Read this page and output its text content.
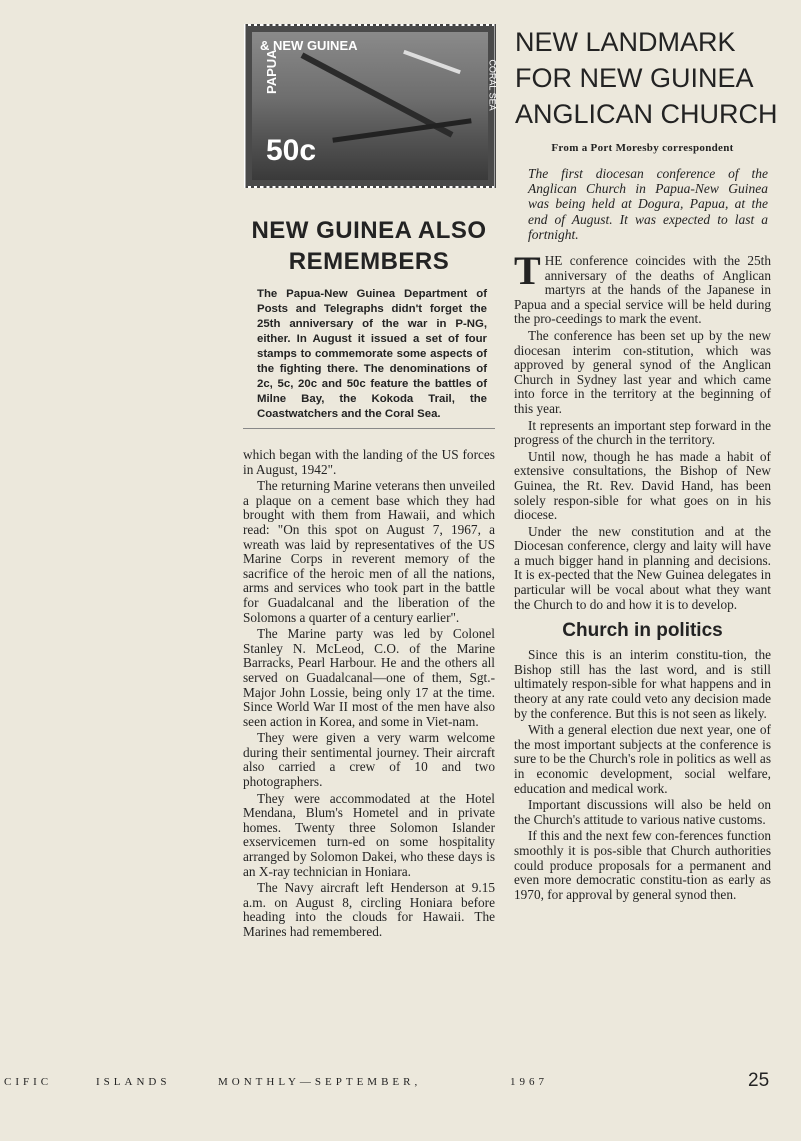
& NEW GUINEA
PAPUA	CORAL SEA
50c
NEW GUINEA ALSO
REMEMBERS
The Papua-New Guinea Department of Posts and Telegraphs didn't forget the 25th anniversary of the war in P-NG, either. In August it issued a set of four stamps to commemorate some aspects of the fighting there. The denominations of 2c, 5c, 20c and 50c feature the battles of Milne Bay, the Kokoda Trail, the Coastwatchers and the Coral Sea.

which began with the landing of the US forces in August, 1942".

The returning Marine veterans then unveiled a plaque on a cement base which they had brought with them from Hawaii, and which read: "On this spot on August 7, 1967, a wreath was laid by representatives of the US Marine Corps in reverent memory of the sacrifice of the heroic men of all the nations, arms and services who took part in the battle for Guadalcanal and the liberation of the Solomons a quarter of a century earlier".

The Marine party was led by Colonel Stanley N. McLeod, C.O. of the Marine Barracks, Pearl Harbour. He and the others all served on Guadalcanal—one of them, Sgt.-Major John Lossie, being only 17 at the time. Since World War II most of the men have also seen action in Korea, and some in Viet-nam.

They were given a very warm welcome during their sentimental journey. Their aircraft also carried a crew of 10 and two photographers.

They were accommodated at the Hotel Mendana, Blum's Hometel and in private homes. Twenty three Solomon Islander exservicemen turn-ed on some hospitality arranged by Solomon Dakei, who these days is an X-ray technician in Honiara.

The Navy aircraft left Henderson at 9.15 a.m. on August 8, circling Honiara before heading into the clouds for Hawaii. The Marines had remembered.

NEW LANDMARK
FOR NEW GUINEA
ANGLICAN CHURCH
From a Port Moresby correspondent
The first diocesan conference of the Anglican Church in Papua-New Guinea was being held at Dogura, Papua, at the end of August. It was expected to last a fortnight.

THE conference coincides with the 25th anniversary of the deaths of Anglican martyrs at the hands of the Japanese in Papua and a special service will be held during the pro-ceedings to mark the event.

The conference has been set up by the new diocesan interim con-stitution, which was approved by general synod of the Anglican Church in Sydney last year and which came into force in the territory at the beginning of this year.

It represents an important step forward in the progress of the church in the territory.

Until now, though he has made a habit of extensive consultations, the Bishop of New Guinea, the Rt. Rev. David Hand, has been solely respon-sible for what goes on in his diocese.

Under the new constitution and at the Diocesan conference, clergy and laity will have a much bigger hand in planning and decisions. It is ex-pected that the New Guinea delegates in particular will be vocal about what they want the Church to do and how it is to develop.

Church in politics

Since this is an interim constitu-tion, the Bishop still has the last word, and is still ultimately respon-sible for what happens and in theory at any rate could veto any decision made by the conference. But this is not seen as likely.

With a general election due next year, one of the most important subjects at the conference is sure to be the Church's role in politics as well as in economic development, social welfare, education and medical work.

Important discussions will also be held on the Church's attitude to various native customs.

If this and the next few con-ferences function smoothly it is pos-sible that Church authorities could produce proposals for a permanent and even more democratic constitu-tion as early as 1970, for approval by general synod then.

CIFIC	ISLANDS	MONTHLY—SEPTEMBER,	1967	25
